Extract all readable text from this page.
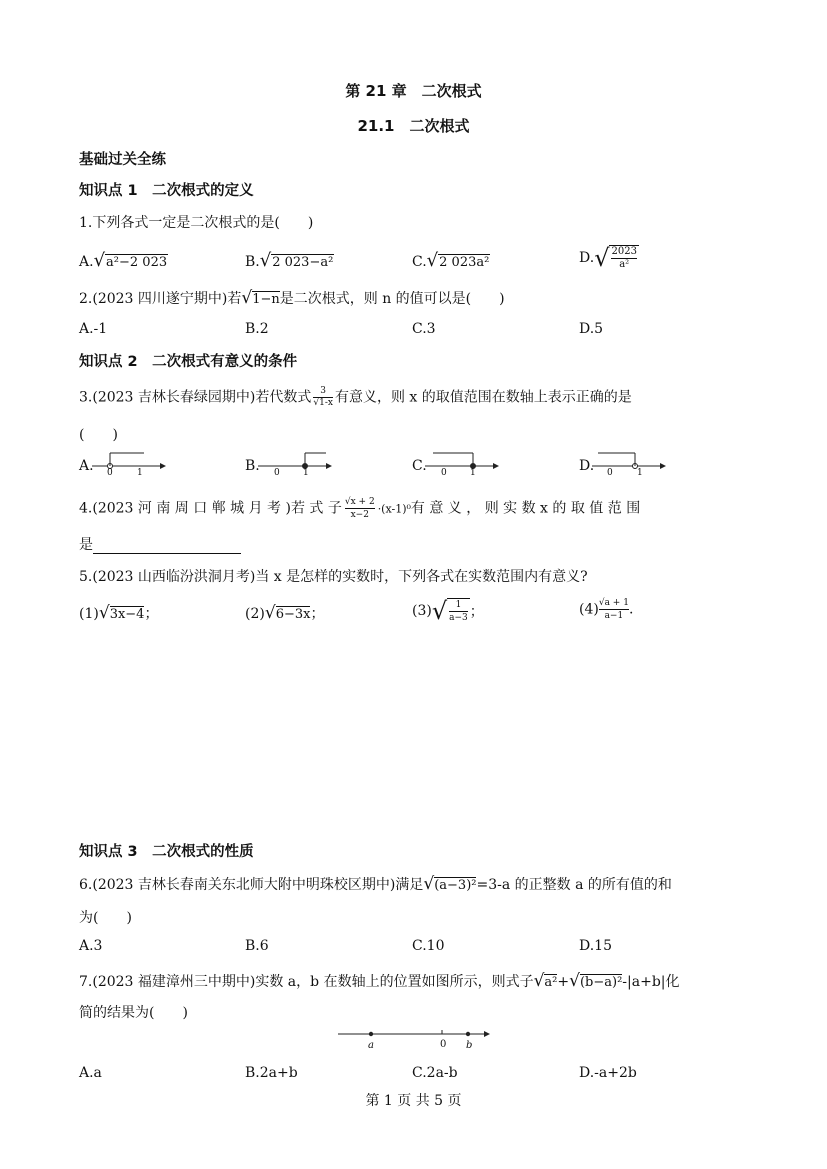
第 21 章　二次根式
21.1　二次根式
基础过关全练
知识点 1　二次根式的定义
1.下列各式一定是二次根式的是(　　)
A.√a²−2 023	B.√2 023−a²	C.√2 023a²	$D.√ \frac{2023}{\text{a²}}$
2.(2023 四川遂宁期中)若√1−n是二次根式，则 n 的值可以是(　　)
A.-1	B.2	C.3	D.5
知识点 2　二次根式有意义的条件
3.(2023 吉林长春绿园期中)若代数式 $\frac{3}{√1-x}$ 有意义，则 x 的取值范围在数轴上表示正确的是
(　　)
A. 0	1	B. 0	1	C. 0	1	D. 0	1
4.(2023 河 南 周 口 郸 城 月 考 )若 式 子 $\frac{√x + 2}{x-2} \cdot(x-1)^0$有 意 义 ， 则 实 数 x 的 取 值 范 围
是
5.(2023 山西临汾洪洞月考)当 x 是怎样的实数时，下列各式在实数范围内有意义?
(1)√3x−4；	(2)√6−3x；	$(3)√ \frac{1}{a-3}$ ；	$(4) \frac{√a + 1}{a-1}$ .
知识点 3　二次根式的性质
6.(2023 吉林长春南关东北师大附中明珠校区期中)满足√(a−3)²=3-a 的正整数 a 的所有值的和
为(　　)
A.3	B.6	C.10	D.15
7.(2023 福建漳州三中期中)实数 a，b 在数轴上的位置如图所示，则式子√a²+√(b−a)²-|a+b|化
简的结果为(　　)
a	0 b
A.a	B.2a+b	C.2a-b	D.-a+2b
第 1 页 共 5 页
